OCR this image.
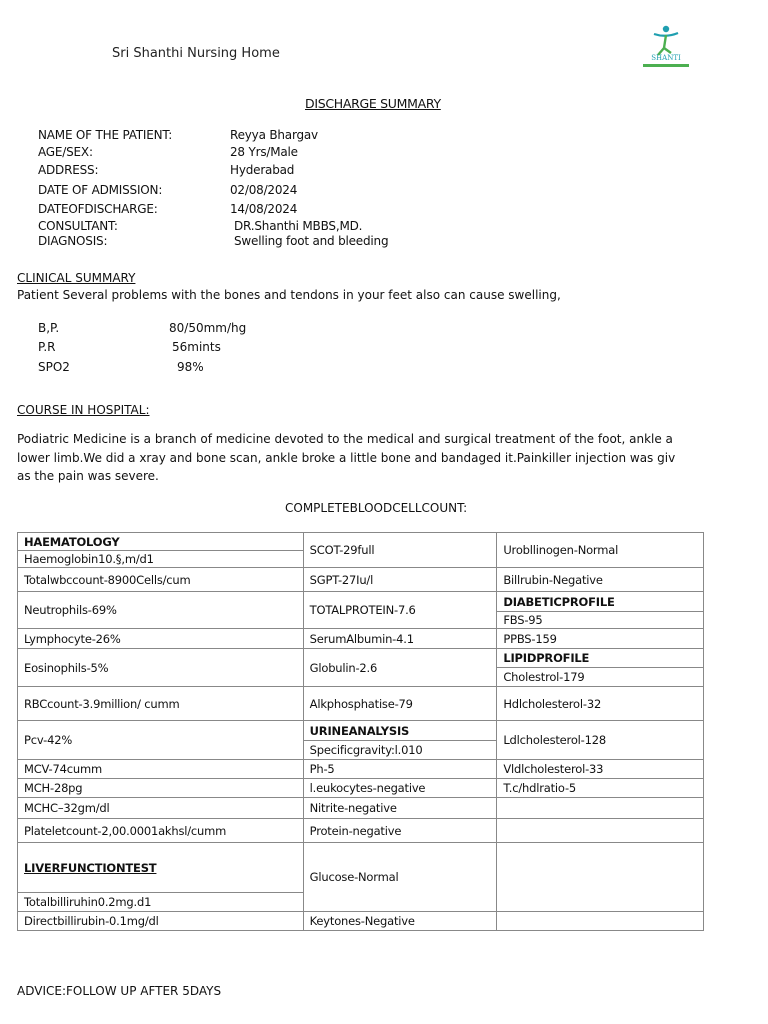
Sri Shanthi Nursing Home	SHANTI
DISCHARGE SUMMARY
NAME OF THE PATIENT:	Reyya Bhargav
AGE/SEX:	28 Yrs/Male
ADDRESS:	Hyderabad
DATE OF ADMISSION:	02/08/2024
DATEOFDISCHARGE:	14/08/2024
CONSULTANT:	DR.Shanthi MBBS,MD.
DIAGNOSIS:	Swelling foot and bleeding
CLINICAL SUMMARY
Patient Several problems with the bones and tendons in your feet also can cause swelling,
B,P.	80/50mm/hg
P.R	56mints
SPO2	98%
COURSE IN HOSPITAL:
Podiatric Medicine is a branch of medicine devoted to the medical and surgical treatment of the foot, ankle a
lower limb.We did a xray and bone scan, ankle broke a little bone and bandaged it.Painkiller injection was giv
as the pain was severe.
COMPLETEBLOODCELLCOUNT:
HAEMATOLOGY	SCOT-29full	Urobllinogen-Normal
Haemoglobin10.§,m/d1		
Totalwbccount-8900Cells/cum	SGPT-27Iu/l	Billrubin-Negative
Neutrophils-69%	TOTALPROTEIN-7.6	DIABETICPROFILE
		FBS-95
Lymphocyte-26%	SerumAlbumin-4.1	PPBS-159
Eosinophils-5%	Globulin-2.6	LIPIDPROFILE
		Cholestrol-179
RBCcount-3.9million/ cumm	Alkphosphatise-79	Hdlcholesterol-32
Pcv-42%	URINEANALYSIS	Ldlcholesterol-128
	Specificgravity:l.010	
MCV-74cumm	Ph-5	Vldlcholesterol-33
MCH-28pg	l.eukocytes-negative	T.c/hdlratio-5
MCHC–32gm/dl	Nitrite-negative	
Plateletcount-2,00.0001akhsl/cumm	Protein-negative	
LIVERFUNCTIONTEST	Glucose-Normal	
Totalbilliruhin0.2mg.d1		
Directbillirubin-0.1mg/dl	Keytones-Negative	
ADVICE:FOLLOW UP AFTER 5DAYS
